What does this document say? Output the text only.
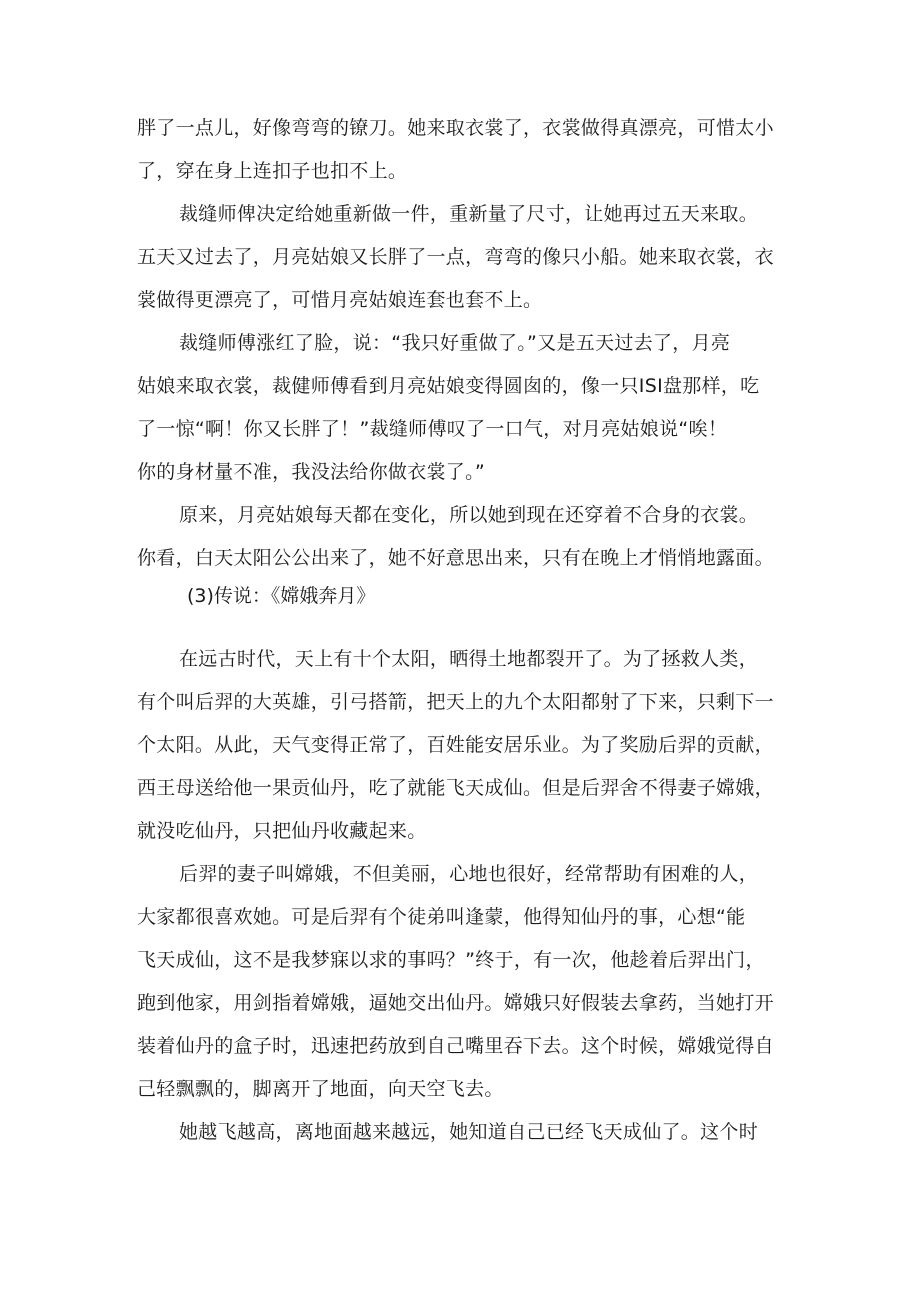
胖了一点儿，好像弯弯的镣刀。她来取衣裳了，衣裳做得真漂亮，可惜太小
了，穿在身上连扣子也扣不上。
裁缝师俾决定给她重新做一件，重新量了尺寸，让她再过五天来取。
五天又过去了，月亮姑娘又长胖了一点，弯弯的像只小船。她来取衣裳，衣
裳做得更漂亮了，可惜月亮姑娘连套也套不上。
裁缝师傅涨红了脸，说：“我只好重做了。”又是五天过去了，月亮
姑娘来取衣裳，裁健师傅看到月亮姑娘变得圆囱的，像一只ISI盘那样，吃
了一惊“啊！你又长胖了！”裁缝师傅叹了一口气，对月亮姑娘说“唉！
你的身材量不准，我没法给你做衣裳了。”
原来，月亮姑娘每天都在变化，所以她到现在还穿着不合身的衣裳。
你看，白天太阳公公出来了，她不好意思出来，只有在晚上才悄悄地露面。
(3)传说：《嫦娥奔月》
在远古时代，天上有十个太阳，晒得土地都裂开了。为了拯救人类，
有个叫后羿的大英雄，引弓搭箭，把天上的九个太阳都射了下来，只剩下一
个太阳。从此，天气变得正常了，百姓能安居乐业。为了奖励后羿的贡献，
西王母送给他一果贡仙丹，吃了就能飞天成仙。但是后羿舍不得妻子嫦娥，
就没吃仙丹，只把仙丹收藏起来。
后羿的妻子叫嫦娥，不但美丽，心地也很好，经常帮助有困难的人，
大家都很喜欢她。可是后羿有个徒弟叫逢蒙，他得知仙丹的事，心想“能
飞天成仙，这不是我梦寐以求的事吗？”终于，有一次，他趁着后羿出门，
跑到他家，用剑指着嫦娥，逼她交出仙丹。嫦娥只好假装去拿药，当她打开
装着仙丹的盒子时，迅速把药放到自己嘴里吞下去。这个时候，嫦娥觉得自
己轻飘飘的，脚离开了地面，向天空飞去。
她越飞越高，离地面越来越远，她知道自己已经飞天成仙了。这个时
